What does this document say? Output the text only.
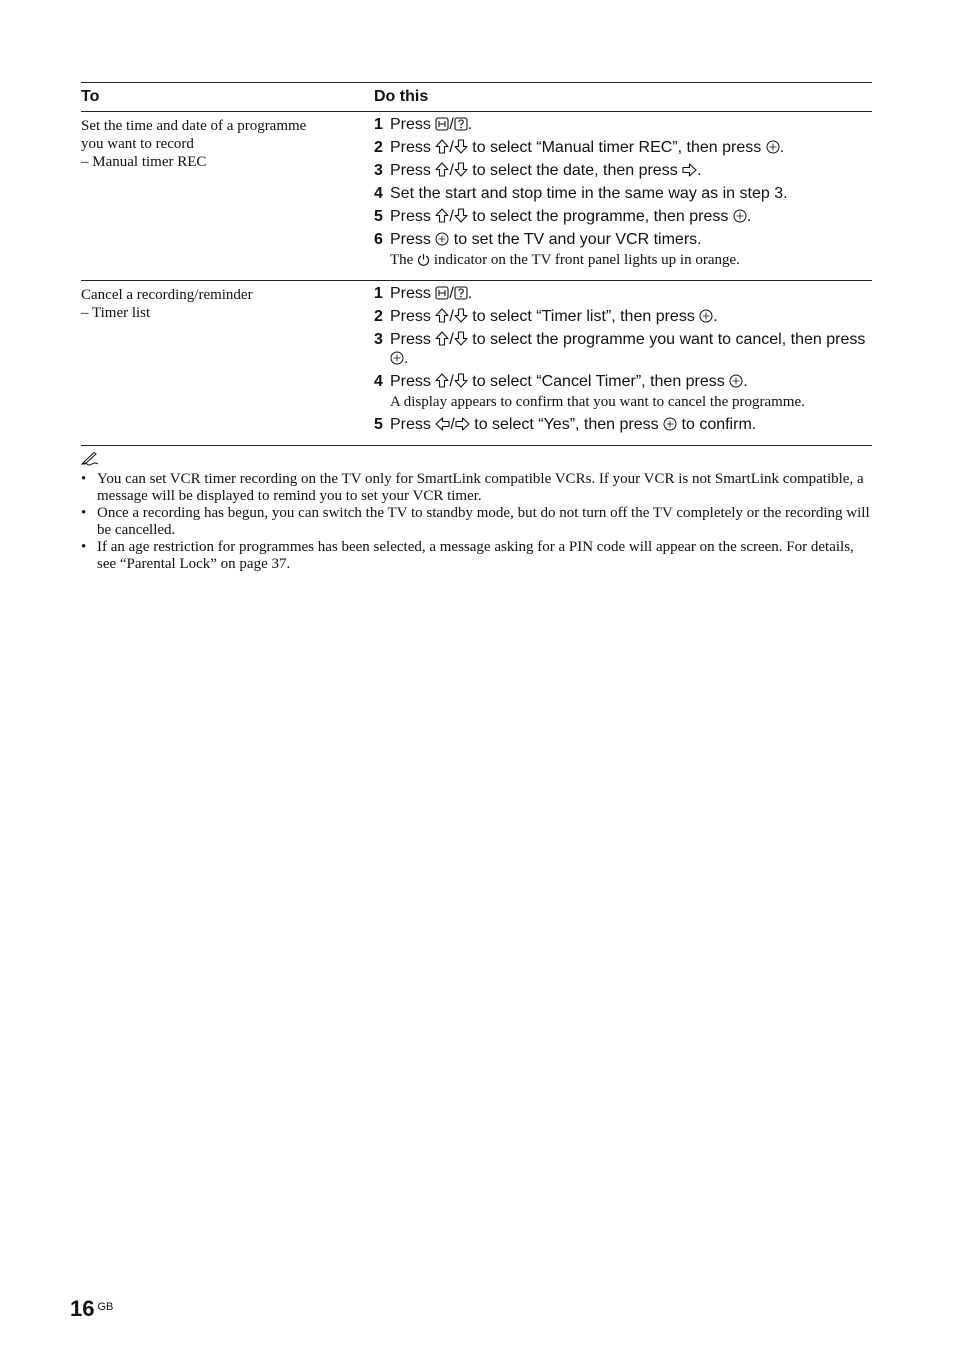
To	Do this
Set the time and date of a programme
you want to record
– Manual timer REC
1 Press
/ .
2 Press
/
to select “Manual timer REC”, then press
.
3 Press
/
to select the date, then press
.
4 Set the start and stop time in the same way as in step 3.
5 Press
/
to select the programme, then press
.
6 Press
to set the TV and your VCR timers.
The
indicator on the TV front panel lights up in orange.
Cancel a recording/reminder
– Timer list
1 Press
/ .
2 Press
/
to select “Timer list”, then press
.
3 Press
/
to select the programme you want to cancel, then press
.
4 Press
/
to select “Cancel Timer”, then press
.
A display appears to confirm that you want to cancel the programme.
5 Press
/
to select “Yes”, then press
to confirm.
• You can set VCR timer recording on the TV only for SmartLink compatible VCRs. If your VCR is not SmartLink compatible, a message will be displayed to remind you to set your VCR timer.
• Once a recording has begun, you can switch the TV to standby mode, but do not turn off the TV completely or the recording will be cancelled.
• If an age restriction for programmes has been selected, a message asking for a PIN code will appear on the screen. For details, see “Parental Lock” on page 37.
16 $^{GB}$
